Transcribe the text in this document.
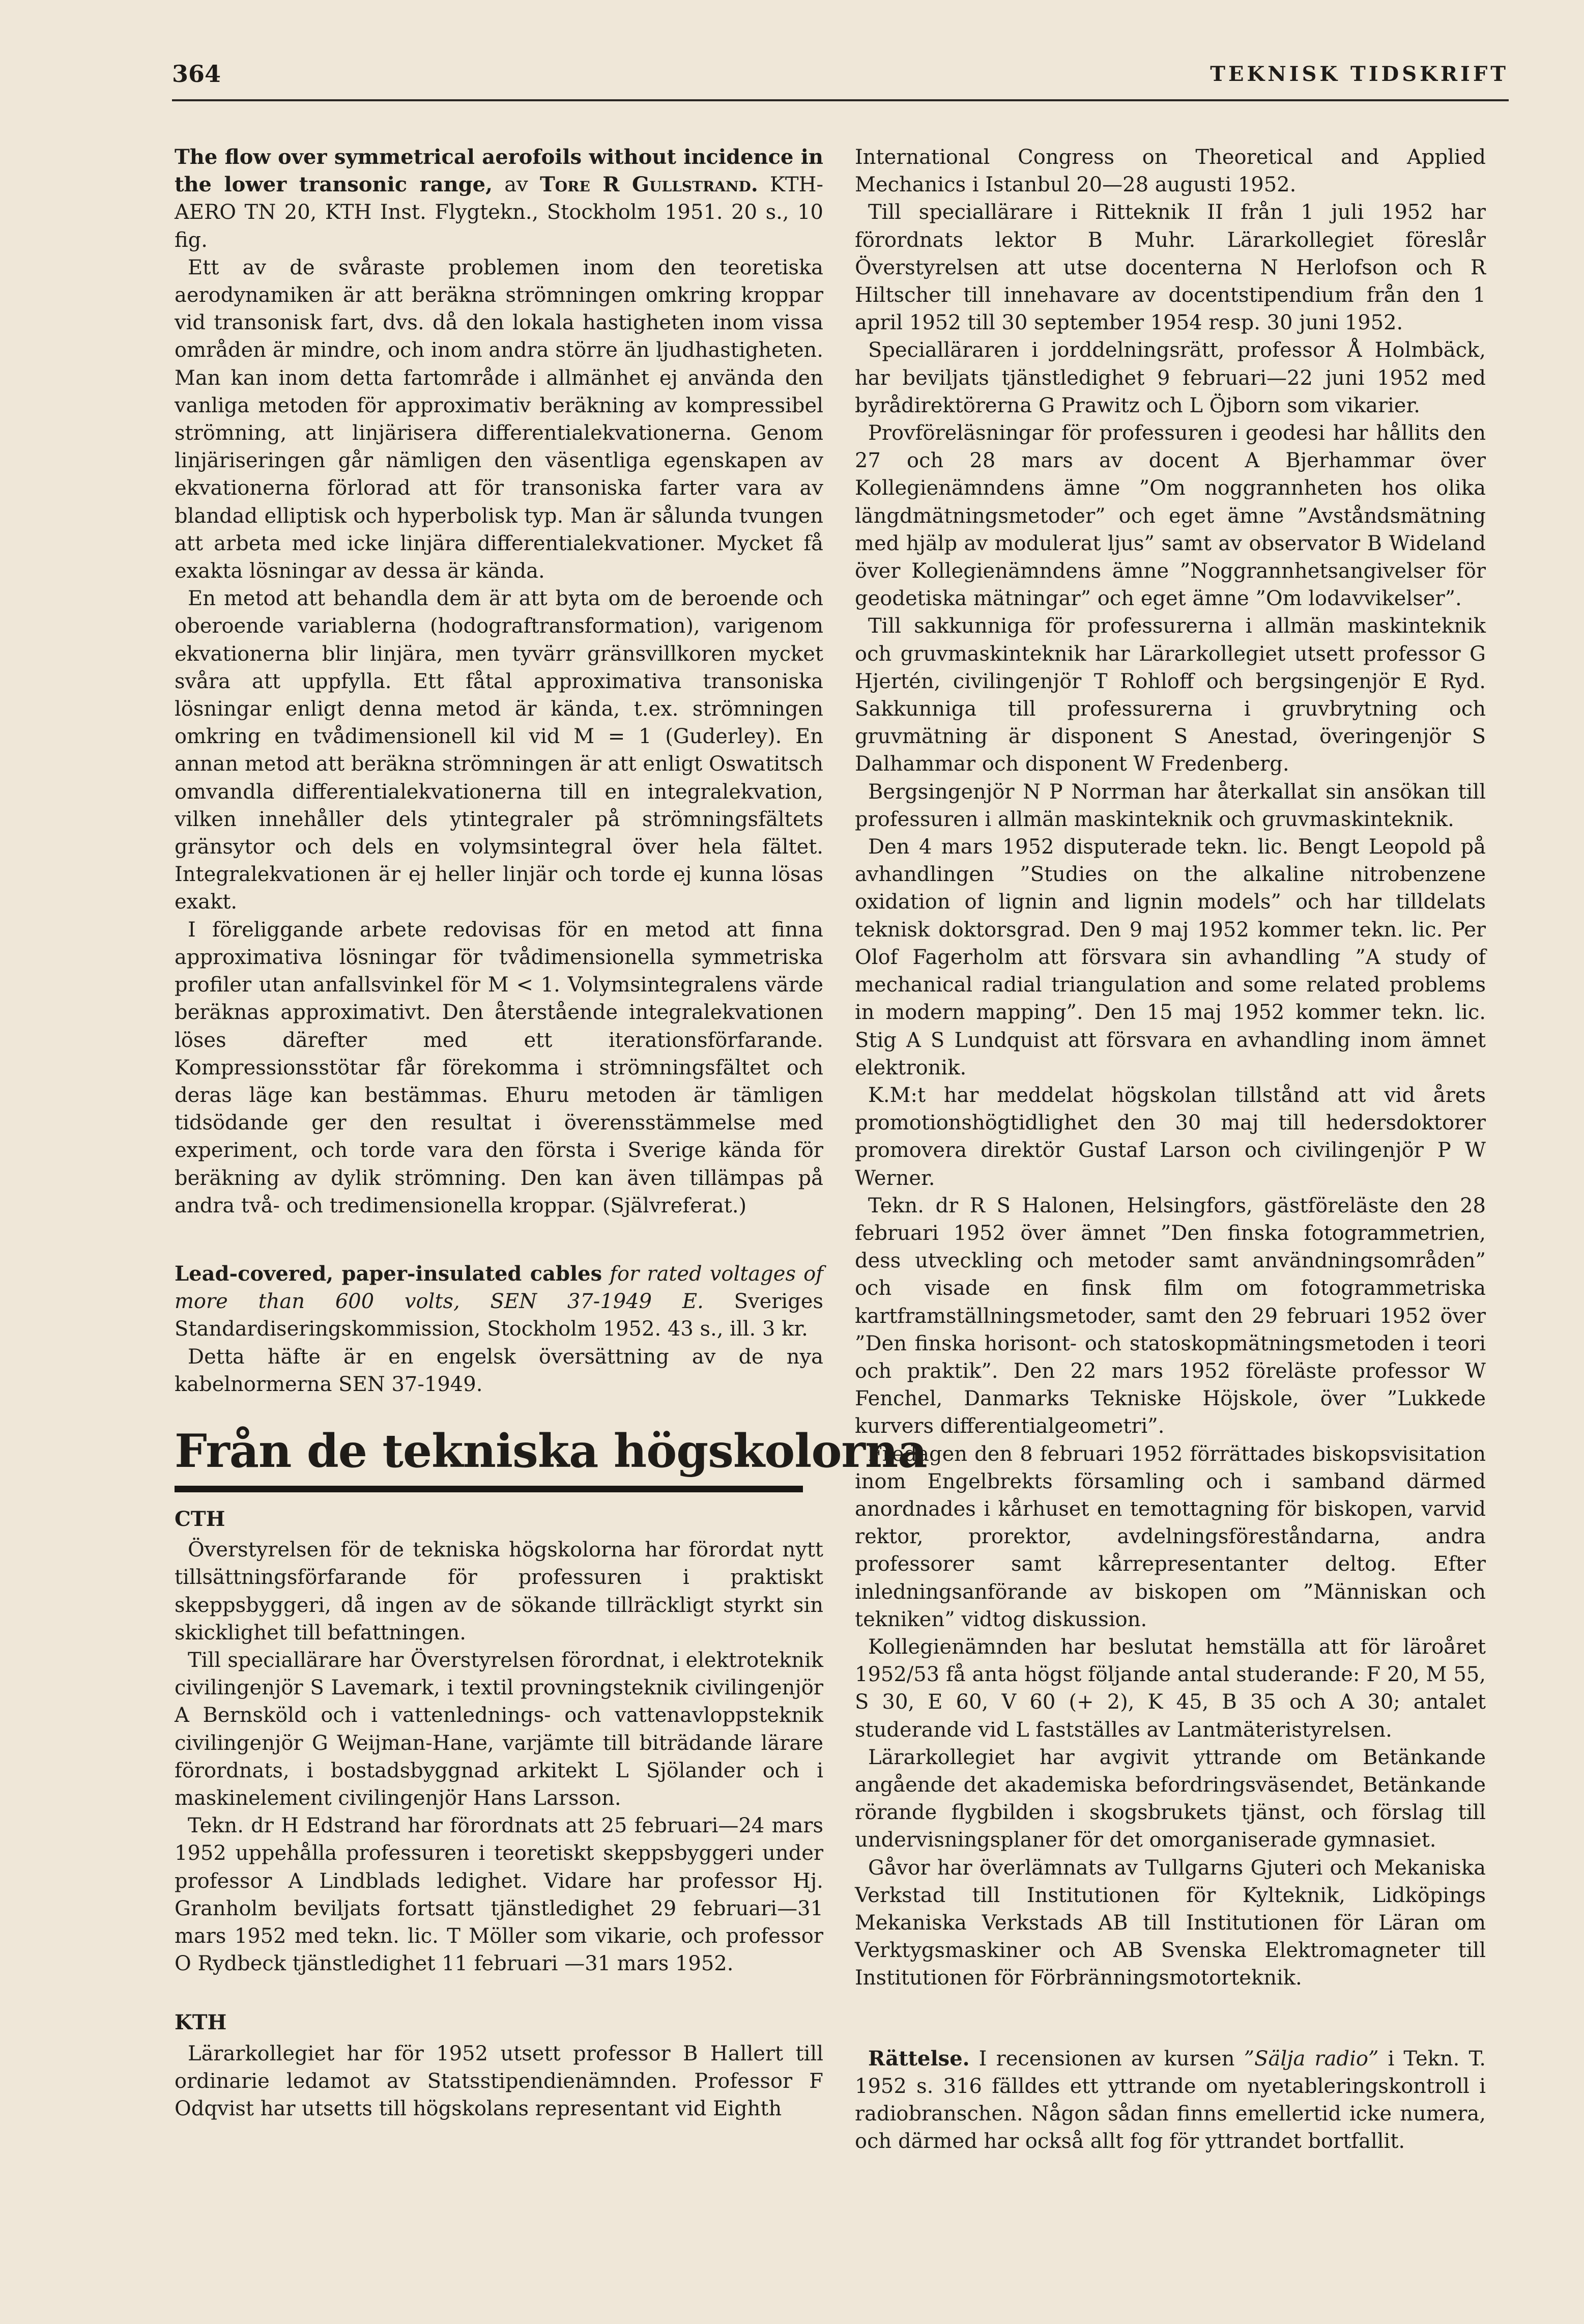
364	TEKNISK TIDSKRIFT

The flow over symmetrical aerofoils without incidence in the lower transonic range, av Tore R Gullstrand. KTH-AERO TN 20, KTH Inst. Flygtekn., Stockholm 1951. 20 s., 10 fig.

Ett av de svåraste problemen inom den teoretiska aerodynamiken är att beräkna strömningen omkring kroppar vid transonisk fart, dvs. då den lokala hastigheten inom vissa områden är mindre, och inom andra större än ljudhastigheten. Man kan inom detta fartområde i allmänhet ej använda den vanliga metoden för approximativ beräkning av kompressibel strömning, att linjärisera differentialekvationerna. Genom linjäriseringen går nämligen den väsentliga egenskapen av ekvationerna förlorad att för transoniska farter vara av blandad elliptisk och hyperbolisk typ. Man är sålunda tvungen att arbeta med icke linjära differentialekvationer. Mycket få exakta lösningar av dessa är kända.

En metod att behandla dem är att byta om de beroende och oberoende variablerna (hodograftransformation), varigenom ekvationerna blir linjära, men tyvärr gränsvillkoren mycket svåra att uppfylla. Ett fåtal approximativa transoniska lösningar enligt denna metod är kända, t.ex. strömningen omkring en tvådimensionell kil vid M = 1 (Guderley). En annan metod att beräkna strömningen är att enligt Oswatitsch omvandla differentialekvationerna till en integralekvation, vilken innehåller dels ytintegraler på strömningsfältets gränsytor och dels en volymsintegral över hela fältet. Integralekvationen är ej heller linjär och torde ej kunna lösas exakt.

I föreliggande arbete redovisas för en metod att finna approximativa lösningar för tvådimensionella symmetriska profiler utan anfallsvinkel för M < 1. Volymsintegralens värde beräknas approximativt. Den återstående integralekvationen löses därefter med ett iterationsförfarande. Kompressionsstötar får förekomma i strömningsfältet och deras läge kan bestämmas. Ehuru metoden är tämligen tidsödande ger den resultat i överensstämmelse med experiment, och torde vara den första i Sverige kända för beräkning av dylik strömning. Den kan även tillämpas på andra två- och tredimensionella kroppar. (Självreferat.)

Lead-covered, paper-insulated cables for rated voltages of more than 600 volts, SEN 37-1949 E. Sveriges Standardiseringskommission, Stockholm 1952. 43 s., ill. 3 kr.

Detta häfte är en engelsk översättning av de nya kabelnormerna SEN 37-1949.

Från de tekniska högskolorna

CTH

Överstyrelsen för de tekniska högskolorna har förordat nytt tillsättningsförfarande för professuren i praktiskt skeppsbyggeri, då ingen av de sökande tillräckligt styrkt sin skicklighet till befattningen.

Till speciallärare har Överstyrelsen förordnat, i elektroteknik civilingenjör S Lavemark, i textil provningsteknik civilingenjör A Bernsköld och i vattenlednings- och vattenavloppsteknik civilingenjör G Weijman-Hane, varjämte till biträdande lärare förordnats, i bostadsbyggnad arkitekt L Sjölander och i maskinelement civilingenjör Hans Larsson.

Tekn. dr H Edstrand har förordnats att 25 februari—24 mars 1952 uppehålla professuren i teoretiskt skeppsbyggeri under professor A Lindblads ledighet. Vidare har professor Hj. Granholm beviljats fortsatt tjänstledighet 29 februari—31 mars 1952 med tekn. lic. T Möller som vikarie, och professor O Rydbeck tjänstledighet 11 februari —31 mars 1952.

KTH

Lärarkollegiet har för 1952 utsett professor B Hallert till ordinarie ledamot av Statsstipendienämnden. Professor F Odqvist har utsetts till högskolans representant vid Eighth

International Congress on Theoretical and Applied Mechanics i Istanbul 20—28 augusti 1952.

Till speciallärare i Ritteknik II från 1 juli 1952 har förordnats lektor B Muhr. Lärarkollegiet föreslår Överstyrelsen att utse docenterna N Herlofson och R Hiltscher till innehavare av docentstipendium från den 1 april 1952 till 30 september 1954 resp. 30 juni 1952.

Specialläraren i jorddelningsrätt, professor Å Holmbäck, har beviljats tjänstledighet 9 februari—22 juni 1952 med byrådirektörerna G Prawitz och L Öjborn som vikarier.

Provföreläsningar för professuren i geodesi har hållits den 27 och 28 mars av docent A Bjerhammar över Kollegienämndens ämne ”Om noggrannheten hos olika längdmätningsmetoder” och eget ämne ”Avståndsmätning med hjälp av modulerat ljus” samt av observator B Wideland över Kollegienämndens ämne ”Noggrannhetsangivelser för geodetiska mätningar” och eget ämne ”Om lodavvikelser”.

Till sakkunniga för professurerna i allmän maskinteknik och gruvmaskinteknik har Lärarkollegiet utsett professor G Hjertén, civilingenjör T Rohloff och bergsingenjör E Ryd. Sakkunniga till professurerna i gruvbrytning och gruvmätning är disponent S Anestad, överingenjör S Dalhammar och disponent W Fredenberg.

Bergsingenjör N P Norrman har återkallat sin ansökan till professuren i allmän maskinteknik och gruvmaskinteknik.

Den 4 mars 1952 disputerade tekn. lic. Bengt Leopold på avhandlingen ”Studies on the alkaline nitrobenzene oxidation of lignin and lignin models” och har tilldelats teknisk doktorsgrad. Den 9 maj 1952 kommer tekn. lic. Per Olof Fagerholm att försvara sin avhandling ”A study of mechanical radial triangulation and some related problems in modern mapping”. Den 15 maj 1952 kommer tekn. lic. Stig A S Lundquist att försvara en avhandling inom ämnet elektronik.

K.M:t har meddelat högskolan tillstånd att vid årets promotionshögtidlighet den 30 maj till hedersdoktorer promovera direktör Gustaf Larson och civilingenjör P W Werner.

Tekn. dr R S Halonen, Helsingfors, gästföreläste den 28 februari 1952 över ämnet ”Den finska fotogrammetrien, dess utveckling och metoder samt användningsområden” och visade en finsk film om fotogrammetriska kartframställningsmetoder, samt den 29 februari 1952 över ”Den finska horisont- och statoskopmätningsmetoden i teori och praktik”. Den 22 mars 1952 föreläste professor W Fenchel, Danmarks Tekniske Höjskole, över ”Lukkede kurvers differentialgeometri”.

Fredagen den 8 februari 1952 förrättades biskopsvisitation inom Engelbrekts församling och i samband därmed anordnades i kårhuset en temottagning för biskopen, varvid rektor, prorektor, avdelningsföreståndarna, andra professorer samt kårrepresentanter deltog. Efter inledningsanförande av biskopen om ”Människan och tekniken” vidtog diskussion.

Kollegienämnden har beslutat hemställa att för läroåret 1952/53 få anta högst följande antal studerande: F 20, M 55, S 30, E 60, V 60 (+ 2), K 45, B 35 och A 30; antalet studerande vid L fastställes av Lantmäteristyrelsen.

Lärarkollegiet har avgivit yttrande om Betänkande angående det akademiska befordringsväsendet, Betänkande rörande flygbilden i skogsbrukets tjänst, och förslag till undervisningsplaner för det omorganiserade gymnasiet.

Gåvor har överlämnats av Tullgarns Gjuteri och Mekaniska Verkstad till Institutionen för Kylteknik, Lidköpings Mekaniska Verkstads AB till Institutionen för Läran om Verktygsmaskiner och AB Svenska Elektromagneter till Institutionen för Förbränningsmotorteknik.

Rättelse. I recensionen av kursen ”Sälja radio” i Tekn. T. 1952 s. 316 fälldes ett yttrande om nyetableringskontroll i radiobranschen. Någon sådan finns emellertid icke numera, och därmed har också allt fog för yttrandet bortfallit.
